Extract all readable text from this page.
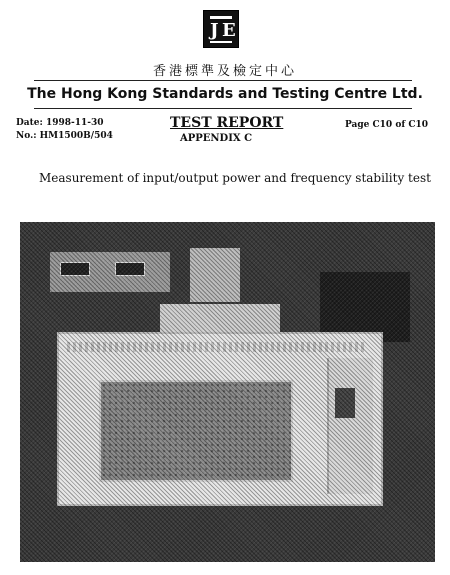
J E
香港標準及檢定中心
The Hong Kong Standards and Testing Centre Ltd.
Date: 1998-11-30
No.: HM1500B/504
TEST REPORT
APPENDIX C
Page C10 of C10
Measurement of input/output power and frequency stability test
